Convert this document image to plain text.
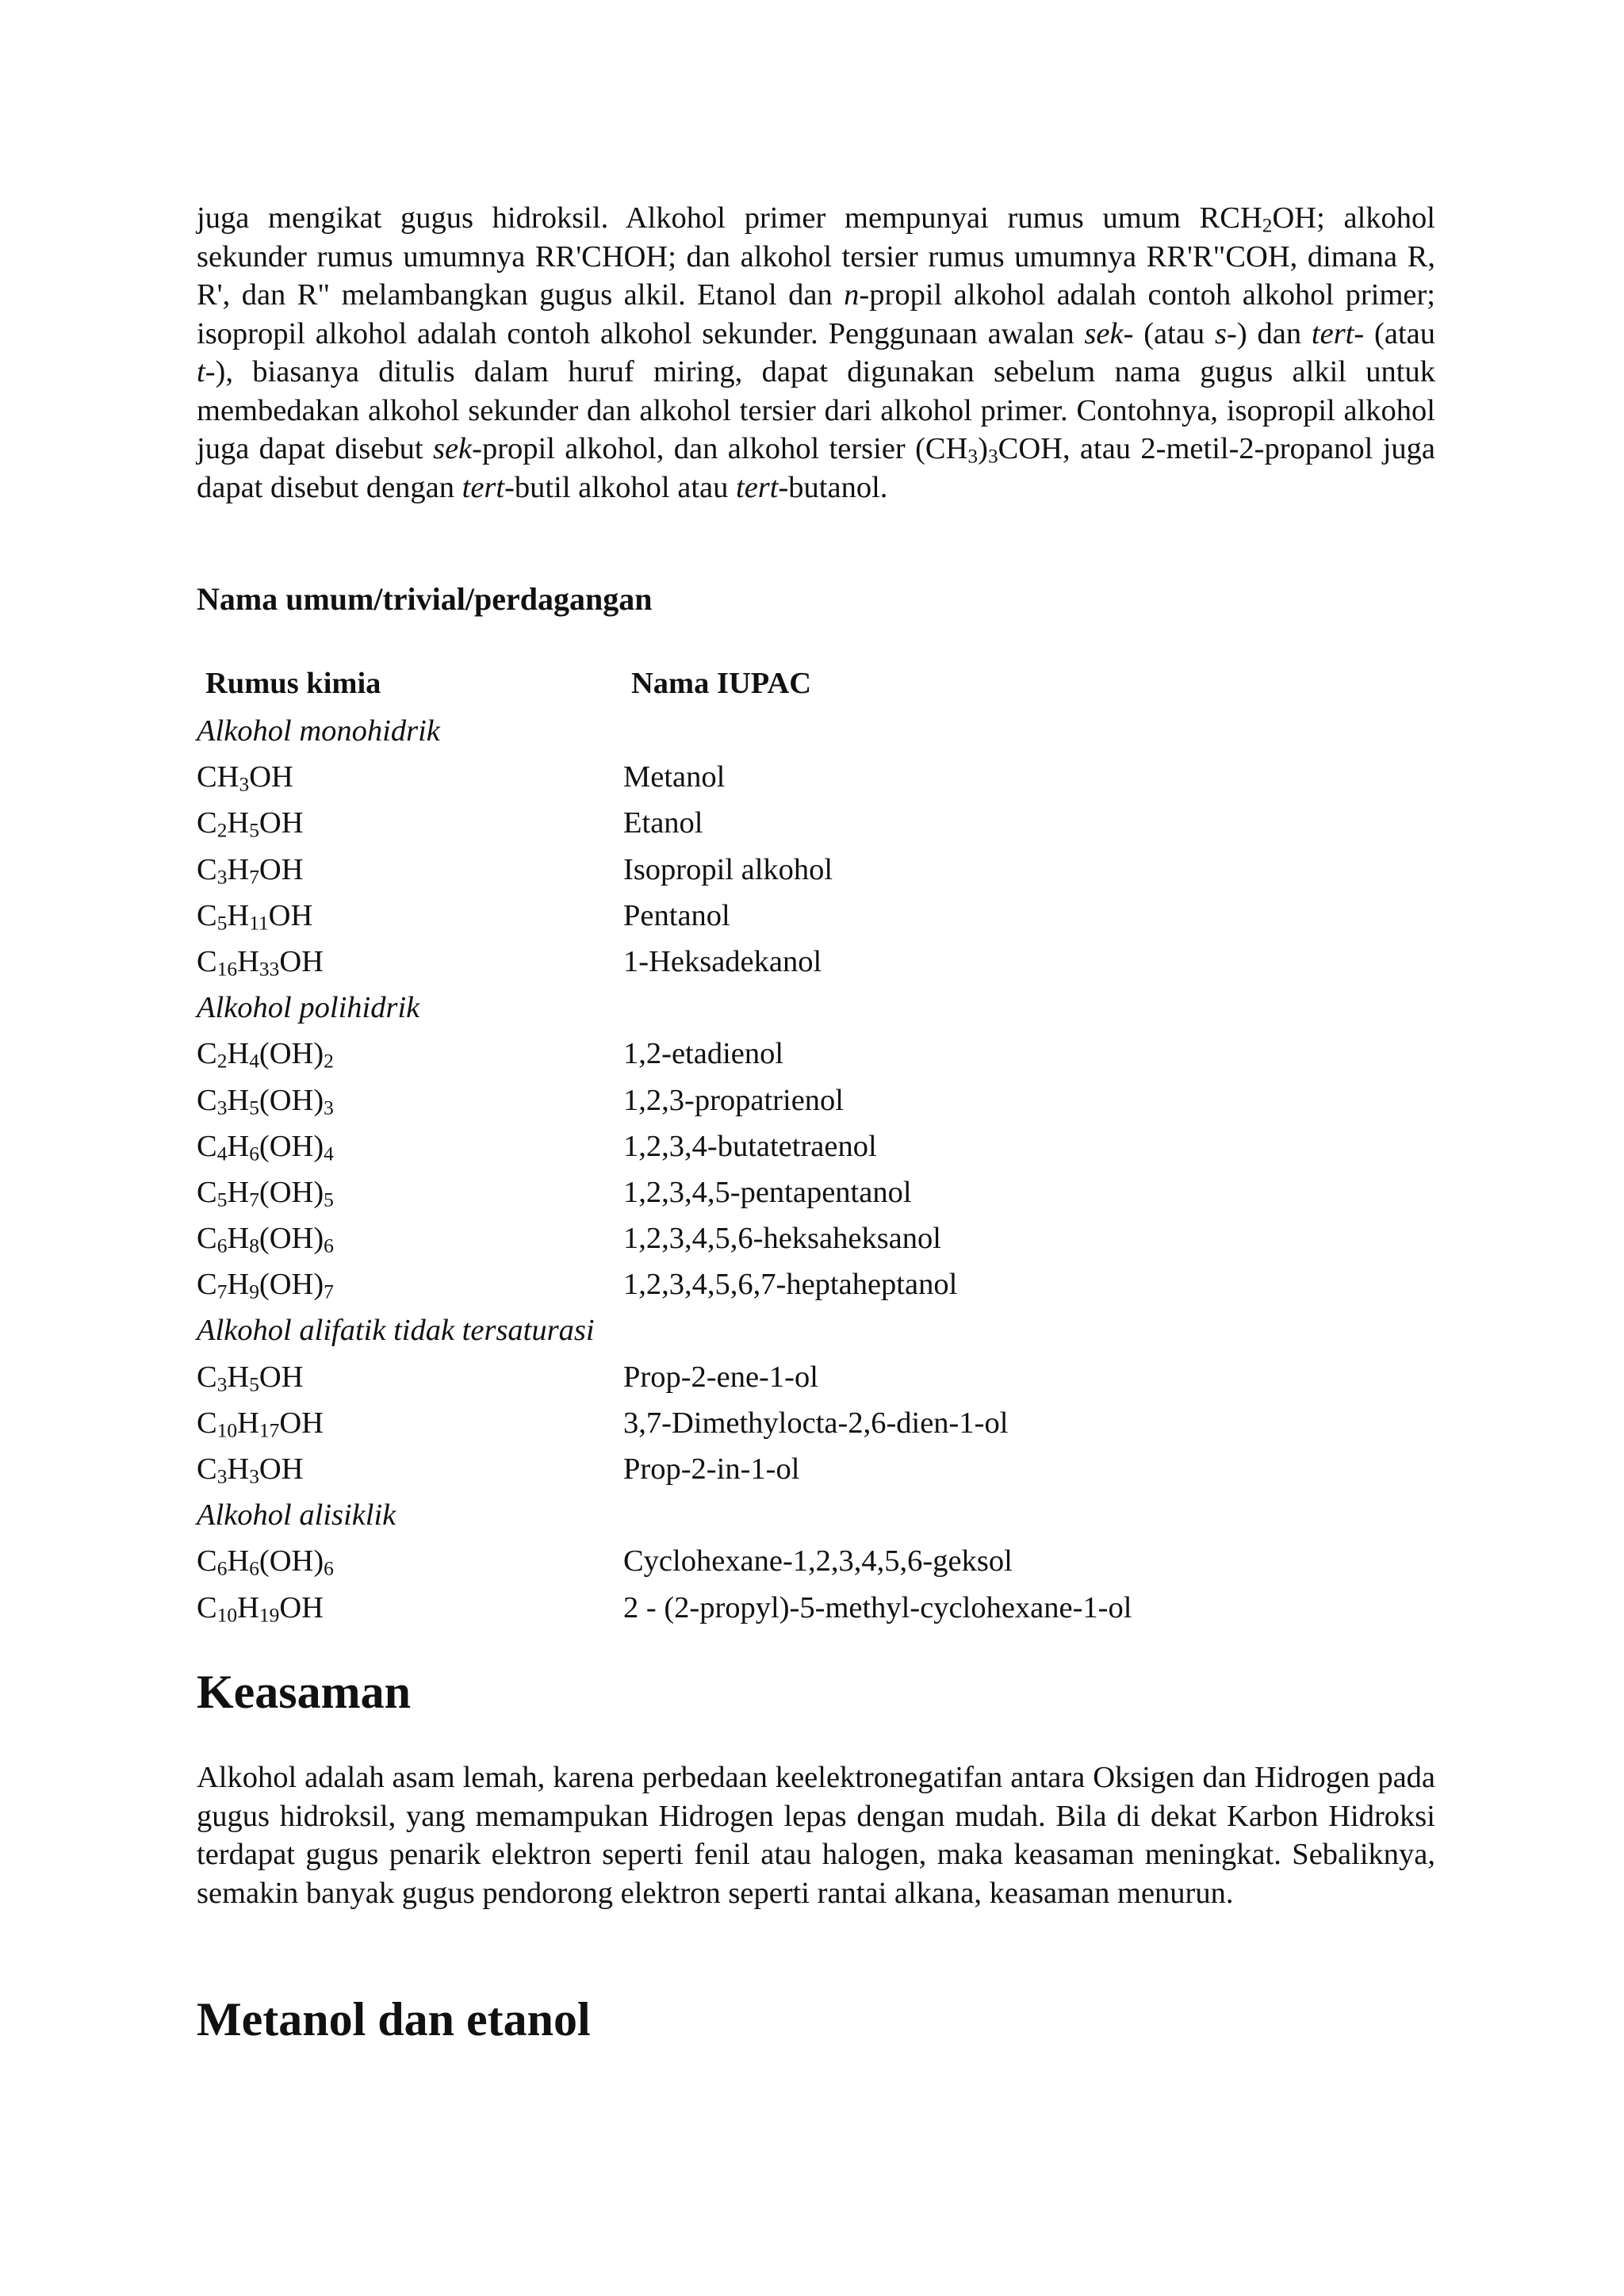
juga mengikat gugus hidroksil. Alkohol primer mempunyai rumus umum $RCH_2OH$; alkohol sekunder rumus umumnya RR'CHOH; dan alkohol tersier rumus umumnya RR'R"COH, dimana R, R', dan R" melambangkan gugus alkil. Etanol dan n-propil alkohol adalah contoh alkohol primer; isopropil alkohol adalah contoh alkohol sekunder. Penggunaan awalan sek- (atau s-) dan tert- (atau t-), biasanya ditulis dalam huruf miring, dapat digunakan sebelum nama gugus alkil untuk membedakan alkohol sekunder dan alkohol tersier dari alkohol primer. Contohnya, isopropil alkohol juga dapat disebut sek-propil alkohol, dan alkohol tersier $(CH_3)_3COH$, atau 2-metil-2-propanol juga dapat disebut dengan tert-butil alkohol atau tert-butanol.

Nama umum/trivial/perdagangan
Rumus kimia	Nama IUPAC
Alkohol monohidrik
$CH_3OH$	Metanol
$C_2H_5OH$	Etanol
$C_3H_7OH$	Isopropil alkohol
$C_5H_{11}OH$	Pentanol
$C_{16}H_{33}OH$	1-Heksadekanol
Alkohol polihidrik
$C_2H_4(OH)_2$	1,2-etadienol
$C_3H_5(OH)_3$	1,2,3-propatrienol
$C_4H_6(OH)_4$	1,2,3,4-butatetraenol
$C_5H_7(OH)_5$	1,2,3,4,5-pentapentanol
$C_6H_8(OH)_6$	1,2,3,4,5,6-heksaheksanol
$C_7H_9(OH)_7$	1,2,3,4,5,6,7-heptaheptanol
Alkohol alifatik tidak tersaturasi
$C_3H_5OH$	Prop-2-ene-1-ol
$C_{10}H_{17}OH$	3,7-Dimethylocta-2,6-dien-1-ol
$C_3H_3OH$	Prop-2-in-1-ol
Alkohol alisiklik
$C_6H_6(OH)_6$	Cyclohexane-1,2,3,4,5,6-geksol
$C_{10}H_{19}OH$	2 - (2-propyl)-5-methyl-cyclohexane-1-ol
Keasaman

Alkohol adalah asam lemah, karena perbedaan keelektronegatifan antara Oksigen dan Hidrogen pada gugus hidroksil, yang memampukan Hidrogen lepas dengan mudah. Bila di dekat Karbon Hidroksi terdapat gugus penarik elektron seperti fenil atau halogen, maka keasaman meningkat. Sebaliknya, semakin banyak gugus pendorong elektron seperti rantai alkana, keasaman menurun.

Metanol dan etanol
